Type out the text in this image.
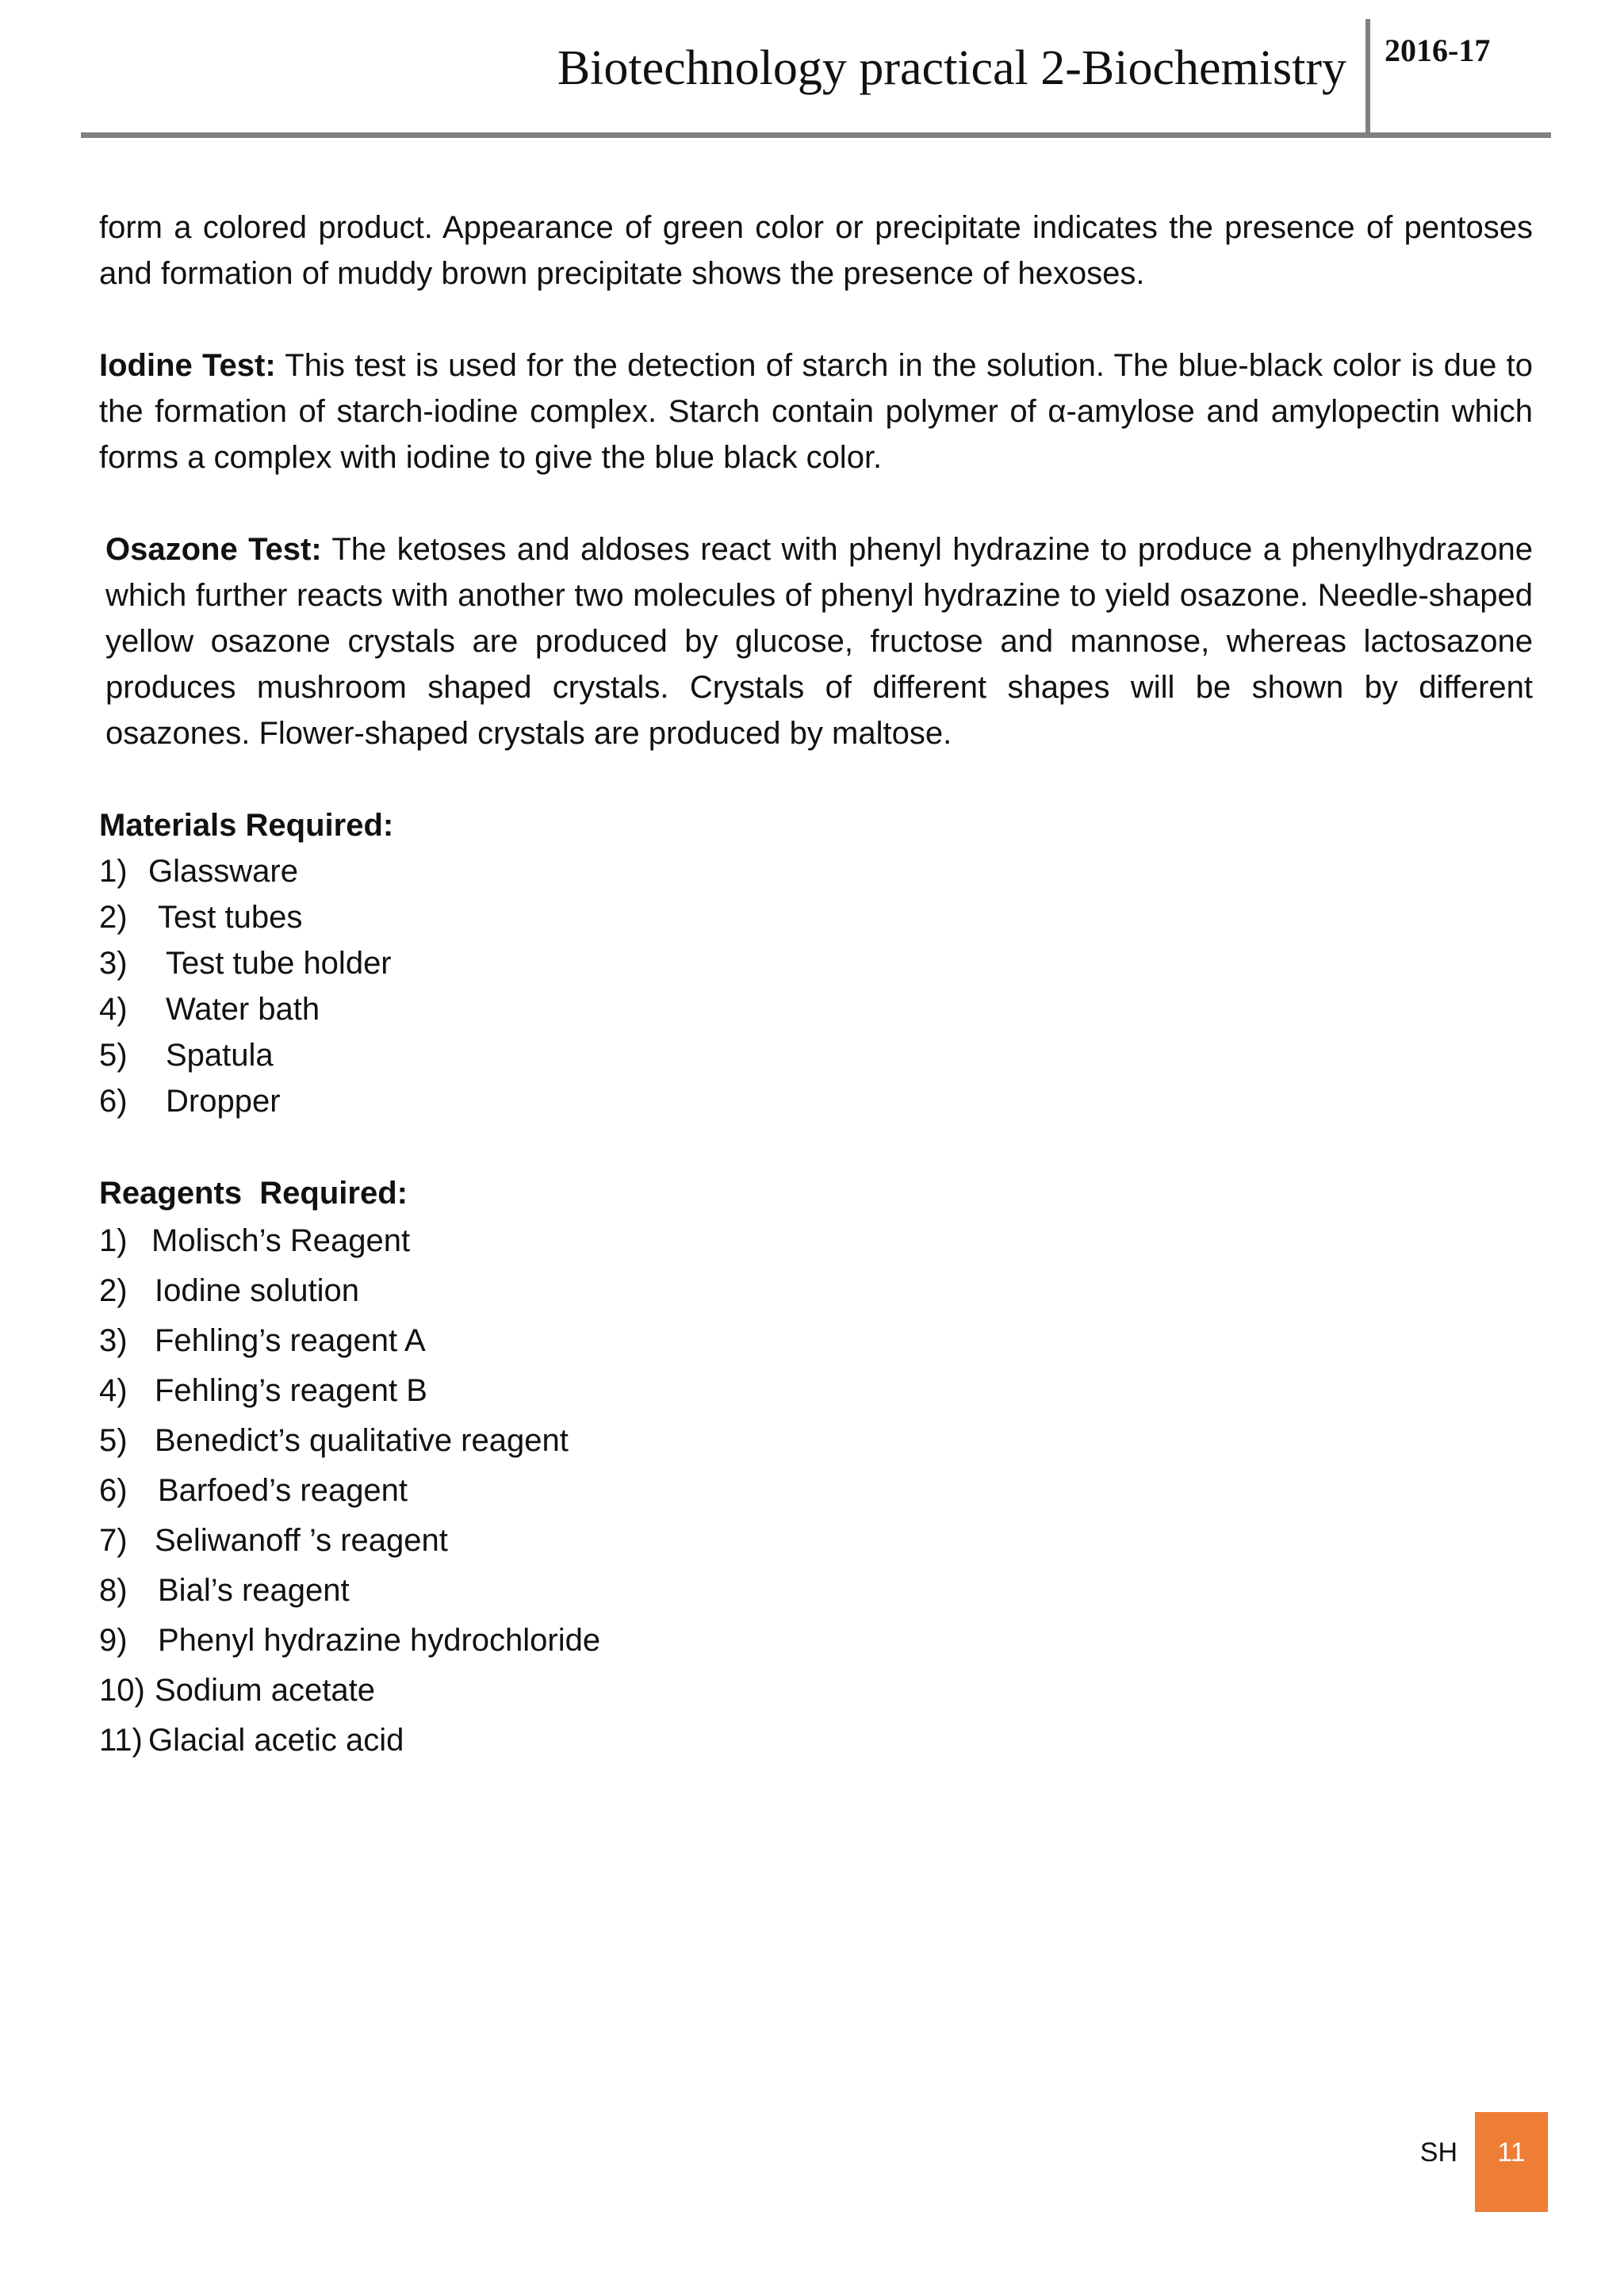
Biotechnology practical 2-Biochemistry 2016-17

form a colored product. Appearance of green color or precipitate indicates the presence of pentoses and formation of muddy brown precipitate shows the presence of hexoses.

Iodine Test: This test is used for the detection of starch in the solution. The blue-black color is due to the formation of starch-iodine complex. Starch contain polymer of α-amylose and amylopectin which forms a complex with iodine to give the blue black color.

Osazone Test: The ketoses and aldoses react with phenyl hydrazine to produce a phenylhydrazone which further reacts with another two molecules of phenyl hydrazine to yield osazone. Needle-shaped yellow osazone crystals are produced by glucose, fructose and mannose, whereas lactosazone produces mushroom shaped crystals. Crystals of different shapes will be shown by different osazones. Flower-shaped crystals are produced by maltose.

Materials Required:
1) Glassware
2) Test tubes
3)	Test tube holder
4)	Water bath
5)	Spatula
6)	Dropper
Reagents  Required:
1) Molisch’s Reagent
2) Iodine solution
3) Fehling’s reagent A
4) Fehling’s reagent B
5) Benedict’s qualitative reagent
6) Barfoed’s reagent
7) Seliwanoff ’s reagent
8) Bial’s reagent
9) Phenyl hydrazine hydrochloride
10) Sodium acetate
11) Glacial acetic acid
SH	11
